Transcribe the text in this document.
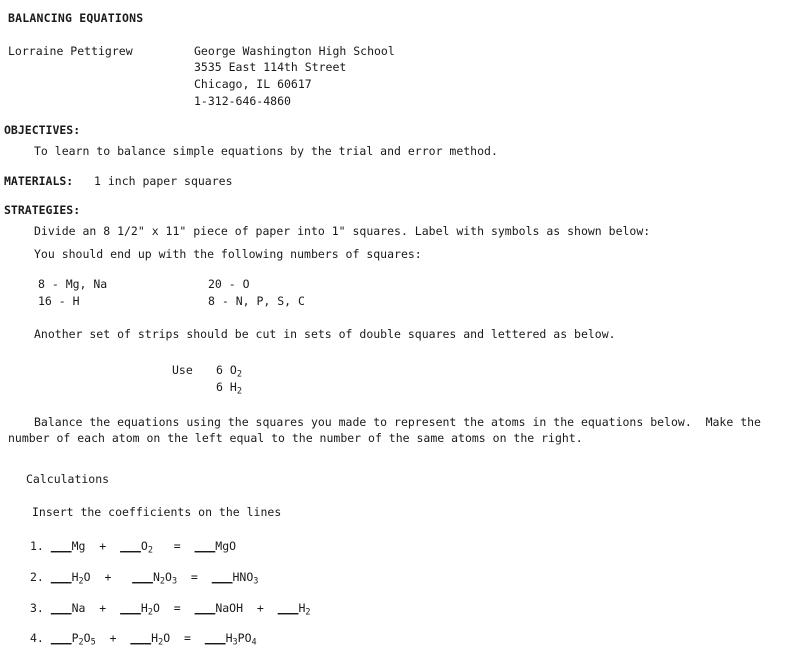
BALANCING EQUATIONS
Lorraine Pettigrew	George Washington High School
3535 East 114th Street
Chicago, IL 60617
1-312-646-4860
OBJECTIVES:
To learn to balance simple equations by the trial and error method.
MATERIALS: 1 inch paper squares
STRATEGIES:
Divide an 8 1/2" x 11" piece of paper into 1" squares. Label with symbols as shown below:
You should end up with the following numbers of squares:
8 - Mg, Na	20 - O
16 - H	8 - N, P, S, C
Another set of strips should be cut in sets of double squares and lettered as below.
Use 6 $O_2$
6 $H_2$
Balance the equations using the squares you made to represent the atoms in the equations below.  Make the number of each atom on the left equal to the number of the same atoms on the right.
Calculations
Insert the coefficients on the lines
1. ___Mg + $\_\_\_O_2$ = ___MgO
2. $\_\_\_H_2O$ + $\_\_\_N_2O_3$ = $\_\_\_HNO_3$
3. ___Na + $\_\_\_H_2O$ = ___NaOH + $\_\_\_H_2$
4. $\_\_\_P_2O_5$ + $\_\_\_H_2O$ = $\_\_\_H_3PO_4$
